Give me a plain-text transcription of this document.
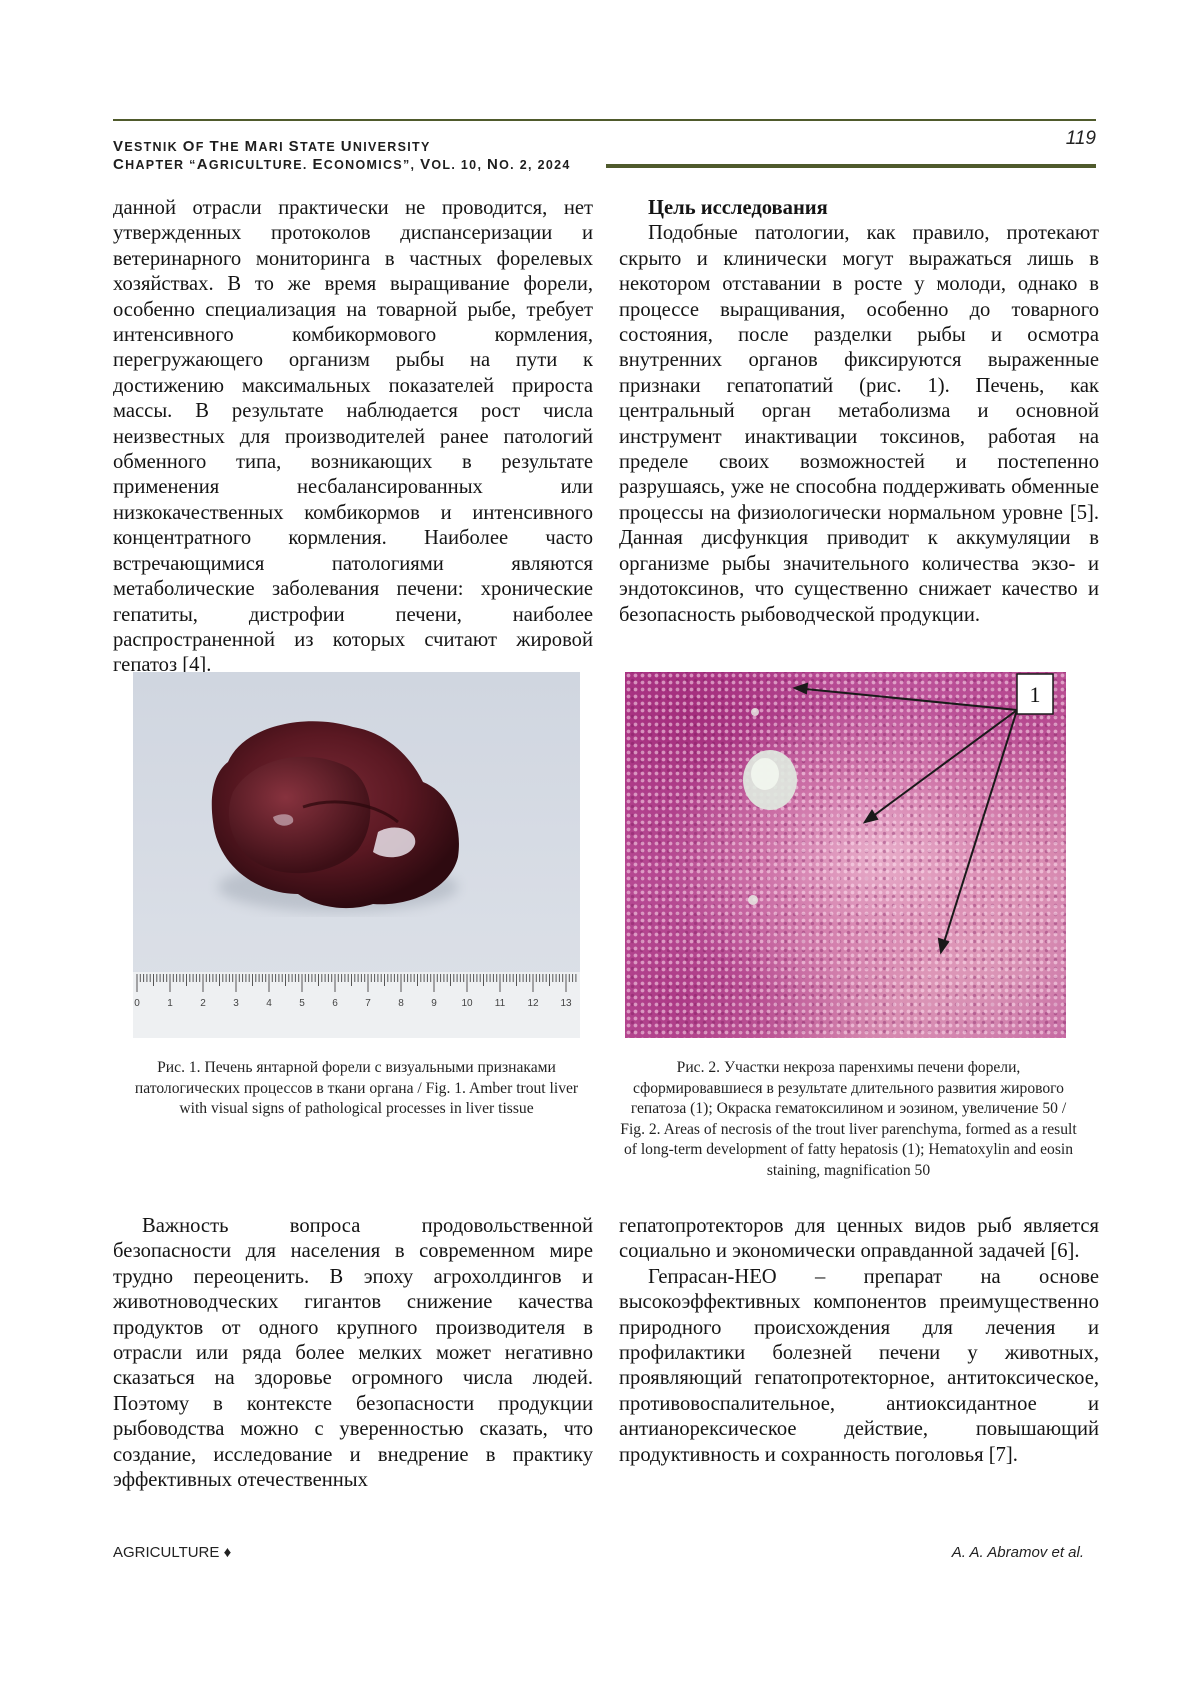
VESTNIK OF THE MARI STATE UNIVERSITY
CHAPTER “AGRICULTURE. ECONOMICS”, VOL. 10, NO. 2, 2024
119

данной отрасли практически не проводится, нет утвержденных протоколов диспансеризации и ветеринарного мониторинга в частных форелевых хозяйствах. В то же время выращивание форели, особенно специализация на товарной рыбе, требует интенсивного комбикормового кормления, перегружающего организм рыбы на пути к достижению максимальных показателей прироста массы. В результате наблюдается рост числа неизвестных для производителей ранее патологий обменного типа, возникающих в результате применения несбалансированных или низкокачественных комбикормов и интенсивного концентратного кормления. Наиболее часто встречающимися патологиями являются метаболические заболевания печени: хронические гепатиты, дистрофии печени, наиболее распространенной из которых считают жировой гепатоз [4].

Цель исследования

Подобные патологии, как правило, протекают скрыто и клинически могут выражаться лишь в некотором отставании в росте у молоди, однако в процессе выращивания, особенно до товарного состояния, после разделки рыбы и осмотра внутренних органов фиксируются выраженные признаки гепатопатий (рис. 1). Печень, как центральный орган метаболизма и основной инструмент инактивации токсинов, работая на пределе своих возможностей и постепенно разрушаясь, уже не способна поддерживать обменные процессы на физиологически нормальном уровне [5]. Данная дисфункция приводит к аккумуляции в организме рыбы значительного количества экзо- и эндотоксинов, что существенно снижает качество и безопасность рыбоводческой продукции.

0	1	2	3	4	5	6	7	8	9 10 11 12 13
1
Рис. 1. Печень янтарной форели с визуальными признаками патологических процессов в ткани органа / Fig. 1. Amber trout liver with visual signs of pathological processes in liver tissue
Рис. 2. Участки некроза паренхимы печени форели, сформировавшиеся в результате длительного развития жирового гепатоза (1); Окраска гематоксилином и эозином, увеличение 50 / Fig. 2. Areas of necrosis of the trout liver parenchyma, formed as a result of long-term development of fatty hepatosis (1); Hematoxylin and eosin staining, magnification 50

Важность вопроса продовольственной безопасности для населения в современном мире трудно переоценить. В эпоху агрохолдингов и животноводческих гигантов снижение качества продуктов от одного крупного производителя в отрасли или ряда более мелких может негативно сказаться на здоровье огромного числа людей. Поэтому в контексте безопасности продукции рыбоводства можно с уверенностью сказать, что создание, исследование и внедрение в практику эффективных отечественных

гепатопротекторов для ценных видов рыб является социально и экономически оправданной задачей [6].

Гепрасан-НЕО – препарат на основе высокоэффективных компонентов преимущественно природного происхождения для лечения и профилактики болезней печени у животных, проявляющий гепатопротекторное, антитоксическое, противовоспалительное, антиоксидантное и антианорексическое действие, повышающий продуктивность и сохранность поголовья [7].

AGRICULTURE ♦	A. A. Abramov et al.
